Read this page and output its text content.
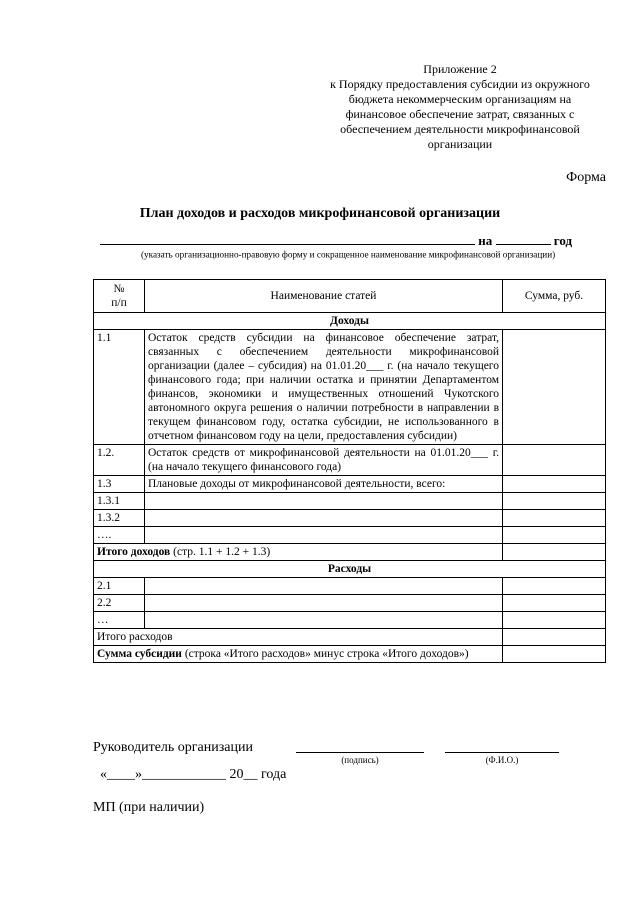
Приложение 2
к Порядку предоставления субсидии из окружного
бюджета некоммерческим организациям на
финансовое обеспечение затрат, связанных с
обеспечением деятельности микрофинансовой
организации
Форма
План доходов и расходов микрофинансовой организации
на	год
(указать организационно-правовую форму и сокращенное наименование микрофинансовой организации)
№
п/п	Наименование статей	Сумма, руб.
Доходы		
1.1	Остаток средств субсидии на финансовое обеспечение затрат, связанных с обеспечением деятельности микрофинансовой организации (далее – субсидия) на 01.01.20___ г. (на начало текущего финансового года; при наличии остатка и принятии Департаментом финансов, экономики и имущественных отношений Чукотского автономного округа решения о наличии потребности в направлении в текущем финансовом году, остатка субсидии, не использованного в отчетном финансовом году на цели, предоставления субсидии)	
1.2.	Остаток средств от микрофинансовой деятельности на 01.01.20___ г. (на начало текущего финансового года)	
1.3	Плановые доходы от микрофинансовой деятельности, всего:	
1.3.1		
1.3.2		
….		
Итого доходов (стр. 1.1 + 1.2 + 1.3)		
Расходы		
2.1		
2.2		
…		
Итого расходов		
Сумма субсидии (строка «Итого расходов» минус строка «Итого доходов»)		
Руководитель организации
(подпись)	(Ф.И.О.)
«____»____________ 20__ года
МП (при наличии)
